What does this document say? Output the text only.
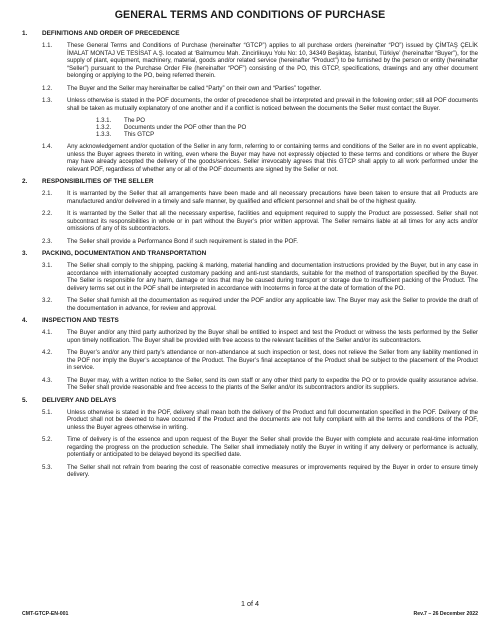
GENERAL TERMS AND CONDITIONS OF PURCHASE
1.	DEFINITIONS AND ORDER OF PRECEDENCE
1.1.	These General Terms and Conditions of Purchase (hereinafter “GTCP”) applies to all purchase orders (hereinafter “PO”) issued by ÇİMTAŞ ÇELİK İMALAT MONTAJ VE TESİSAT A.Ş. located at ‘Balmumcu Mah. Zincirlikuyu Yolu No: 10, 34349 Beşiktaş, İstanbul, Türkiye’ (hereinafter “Buyer”), for the supply of plant, equipment, machinery, material, goods and/or related service (hereinafter “Product”) to be furnished by the person or entity (hereinafter “Seller”) pursuant to the Purchase Order File (hereinafter “POF”) consisting of the PO, this GTCP, specifications, drawings and any other document belonging or applying to the PO, being referred therein.
1.2.	The Buyer and the Seller may hereinafter be called “Party” on their own and “Parties” together.
1.3.	Unless otherwise is stated in the POF documents, the order of precedence shall be interpreted and prevail in the following order; still all POF documents shall be taken as mutually explanatory of one another and if a conflict is noticed between the documents the Seller must contact the Buyer.
1.3.1.	The PO
1.3.2.	Documents under the POF other than the PO
1.3.3.	This GTCP
1.4.	Any acknowledgement and/or quotation of the Seller in any form, referring to or containing terms and conditions of the Seller are in no event applicable, unless the Buyer agrees thereto in writing, even where the Buyer may have not expressly objected to these terms and conditions or where the Buyer may have already accepted the delivery of the goods/services. Seller irrevocably agrees that this GTCP shall apply to all work performed under the relevant POF, regardless of whether any or all of the POF documents are signed by the Seller or not.
2.	RESPONSIBILITIES OF THE SELLER
2.1.	It is warranted by the Seller that all arrangements have been made and all necessary precautions have been taken to ensure that all Products are manufactured and/or delivered in a timely and safe manner, by qualified and efficient personnel and shall be of the highest quality.
2.2.	It is warranted by the Seller that all the necessary expertise, facilities and equipment required to supply the Product are possessed. Seller shall not subcontract its responsibilities in whole or in part without the Buyer’s prior written approval. The Seller remains liable at all times for any acts and/or omissions of any of its subcontractors.
2.3.	The Seller shall provide a Performance Bond if such requirement is stated in the POF.
3.	PACKING, DOCUMENTATION AND TRANSPORTATION
3.1.	The Seller shall comply to the shipping, packing & marking, material handling and documentation instructions provided by the Buyer, but in any case in accordance with internationally accepted customary packing and anti-rust standards, suitable for the method of transportation specified by the Buyer. The Seller is responsible for any harm, damage or loss that may be caused during transport or storage due to insufficient packing of the Product. The delivery terms set out in the POF shall be interpreted in accordance with Incoterms in force at the date of formation of the PO.
3.2.	The Seller shall furnish all the documentation as required under the POF and/or any applicable law. The Buyer may ask the Seller to provide the draft of the documentation in advance, for review and approval.
4.	INSPECTION AND TESTS
4.1.	The Buyer and/or any third party authorized by the Buyer shall be entitled to inspect and test the Product or witness the tests performed by the Seller upon timely notification. The Buyer shall be provided with free access to the relevant facilities of the Seller and/or its subcontractors.
4.2.	The Buyer’s and/or any third party’s attendance or non-attendance at such inspection or test, does not relieve the Seller from any liability mentioned in the POF nor imply the Buyer’s acceptance of the Product. The Buyer’s final acceptance of the Product shall be subject to the placement of the Product in service.
4.3.	The Buyer may, with a written notice to the Seller, send its own staff or any other third party to expedite the PO or to provide quality assurance advise. The Seller shall provide reasonable and free access to the plants of the Seller and/or its subcontractors and/or its suppliers.
5.	DELIVERY AND DELAYS
5.1.	Unless otherwise is stated in the POF, delivery shall mean both the delivery of the Product and full documentation specified in the POF. Delivery of the Product shall not be deemed to have occurred if the Product and the documents are not fully compliant with all the terms and conditions of the POF, unless the Buyer agrees otherwise in writing.
5.2.	Time of delivery is of the essence and upon request of the Buyer the Seller shall provide the Buyer with complete and accurate real-time information regarding the progress on the production schedule. The Seller shall immediately notify the Buyer in writing if any delivery or performance is actually, potentially or anticipated to be delayed beyond its specified date.
5.3.	The Seller shall not refrain from bearing the cost of reasonable corrective measures or improvements required by the Buyer in order to ensure timely delivery.
1 of 4
CMT-GTCP-EN-001	Rev.7 – 26 December 2022
